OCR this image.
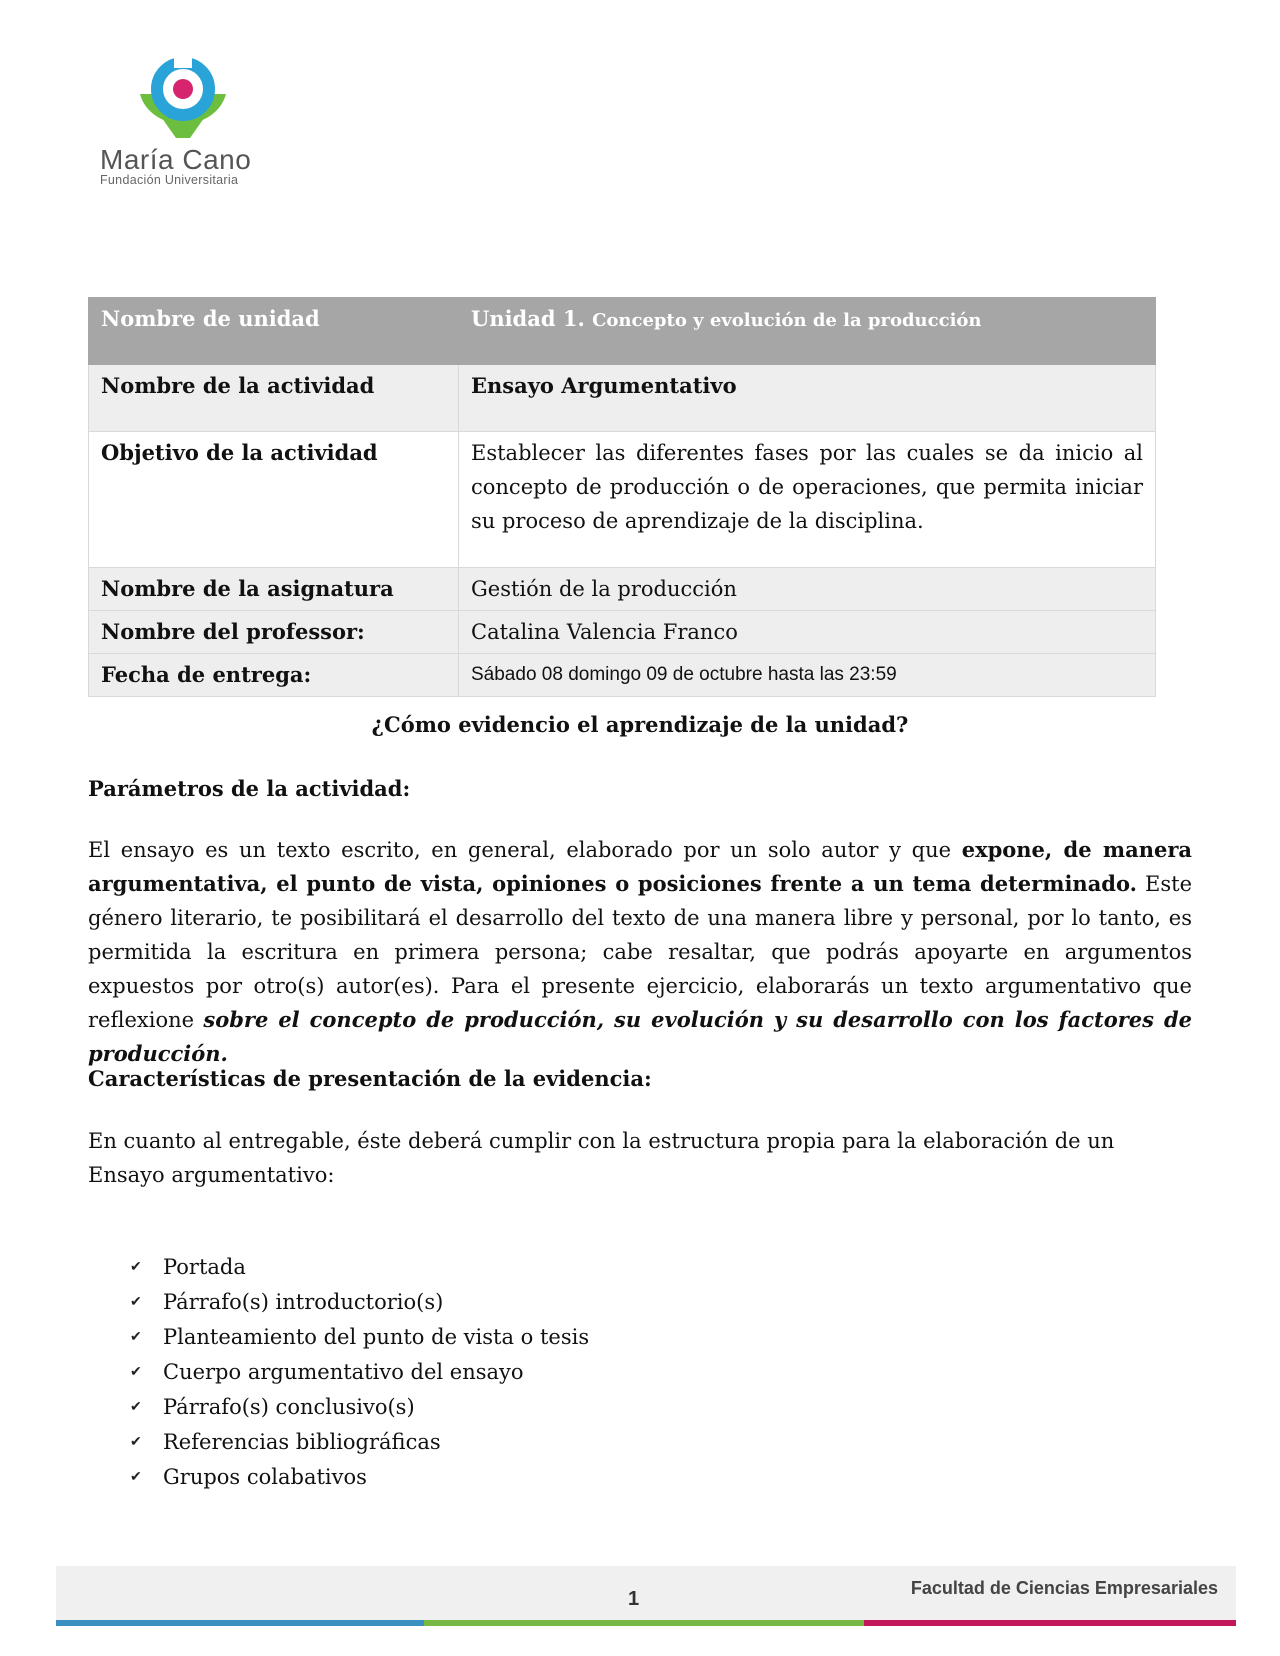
María Cano
Fundación Universitaria
Nombre de unidad	Unidad 1. Concepto y evolución de la producción
Nombre de la actividad	Ensayo Argumentativo
Objetivo de la actividad	Establecer las diferentes fases por las cuales se da inicio al concepto de producción o de operaciones, que permita iniciar su proceso de aprendizaje de la disciplina.
Nombre de la asignatura	Gestión de la producción
Nombre del professor:	Catalina Valencia Franco
Fecha de entrega:	Sábado 08 domingo 09 de octubre hasta las 23:59
¿Cómo evidencio el aprendizaje de la unidad?
Parámetros de la actividad:
El ensayo es un texto escrito, en general, elaborado por un solo autor y que expone, de manera argumentativa, el punto de vista, opiniones o posiciones frente a un tema determinado. Este género literario, te posibilitará el desarrollo del texto de una manera libre y personal, por lo tanto, es permitida la escritura en primera persona; cabe resaltar, que podrás apoyarte en argumentos expuestos por otro(s) autor(es). Para el presente ejercicio, elaborarás un texto argumentativo que reflexione sobre el concepto de producción, su evolución y su desarrollo con los factores de producción.
Características de presentación de la evidencia:
En cuanto al entregable, éste deberá cumplir con la estructura propia para la elaboración de un Ensayo argumentativo:
✔ Portada
✔ Párrafo(s) introductorio(s)
✔ Planteamiento del punto de vista o tesis
✔ Cuerpo argumentativo del ensayo
✔ Párrafo(s) conclusivo(s)
✔ Referencias bibliográficas
✔ Grupos colabativos
1	Facultad de Ciencias Empresariales
